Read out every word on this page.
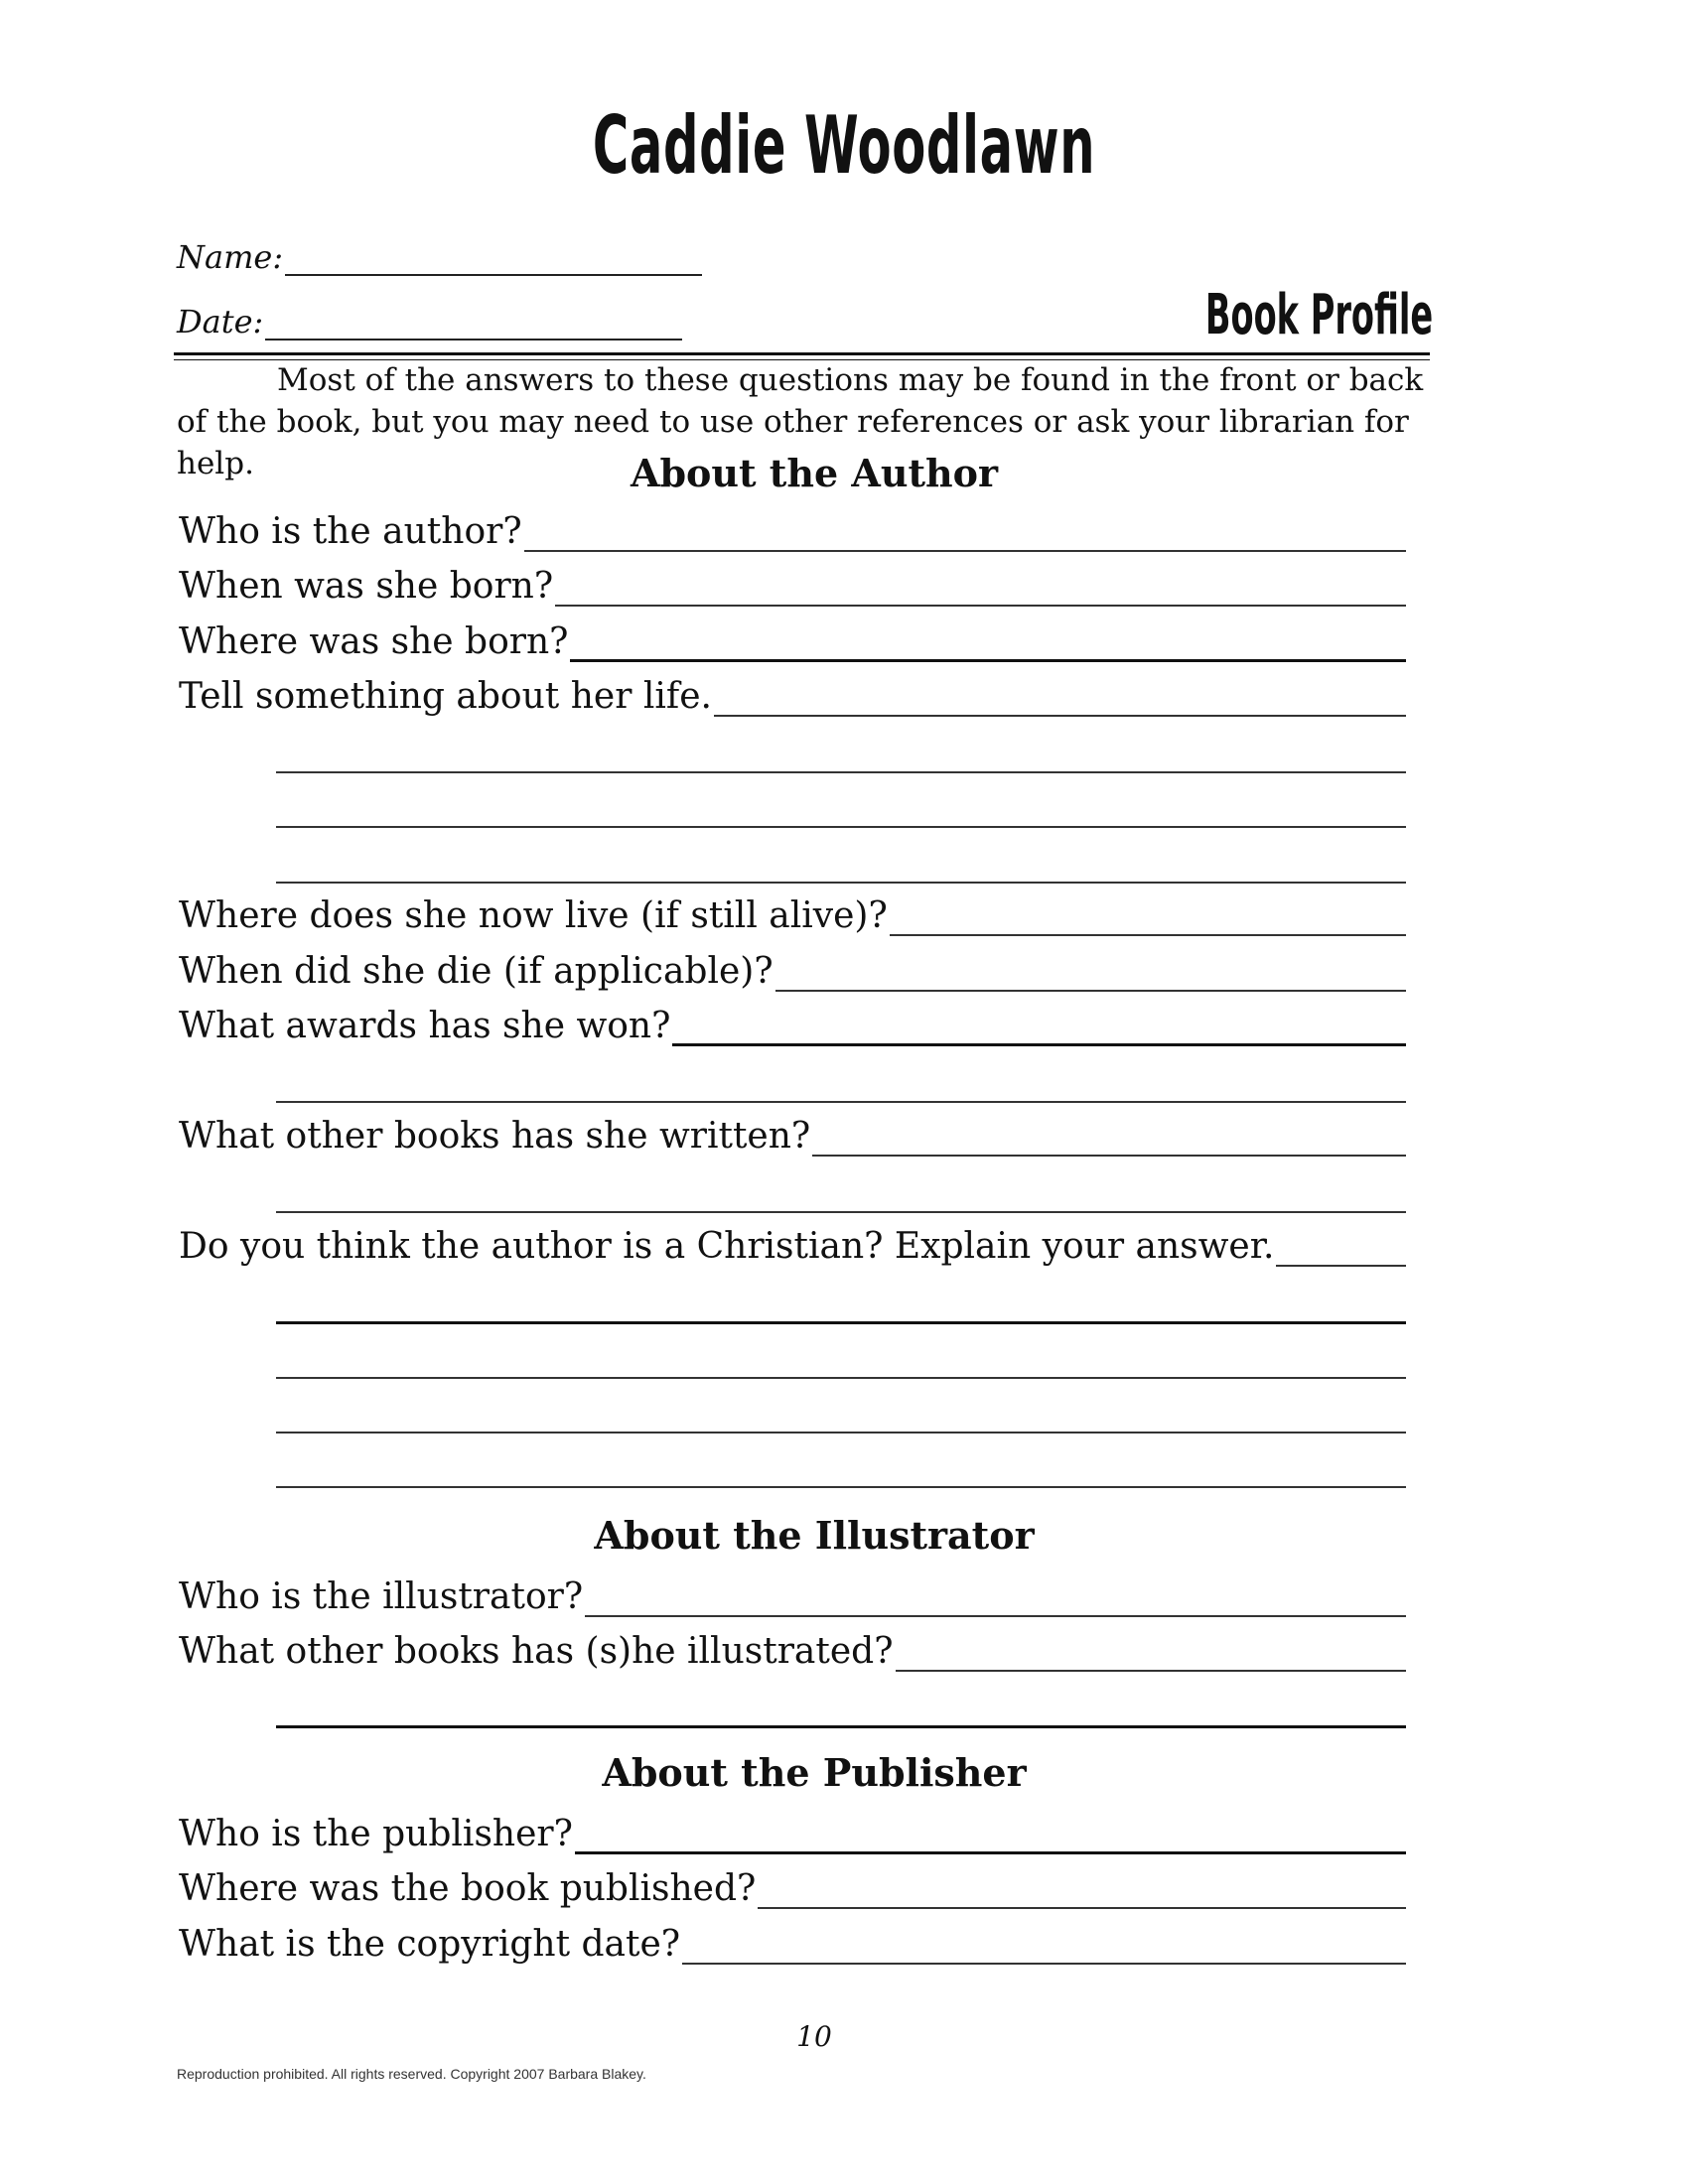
Caddie Woodlawn
Name:
Date:	Book Profile

Most of the answers to these questions may be found in the front or back of the book, but you may need to use other references or ask your librarian for help.	About the Author
Who is the author?
When was she born?
Where was she born?
Tell something about her life.
Where does she now live (if still alive)?
When did she die (if applicable)?
What awards has she won?
What other books has she written?
Do you think the author is a Christian? Explain your answer.
About the Illustrator
Who is the illustrator?
What other books has (s)he illustrated?
About the Publisher
Who is the publisher?
Where was the book published?
What is the copyright date?
10
Reproduction prohibited. All rights reserved. Copyright 2007 Barbara Blakey.
